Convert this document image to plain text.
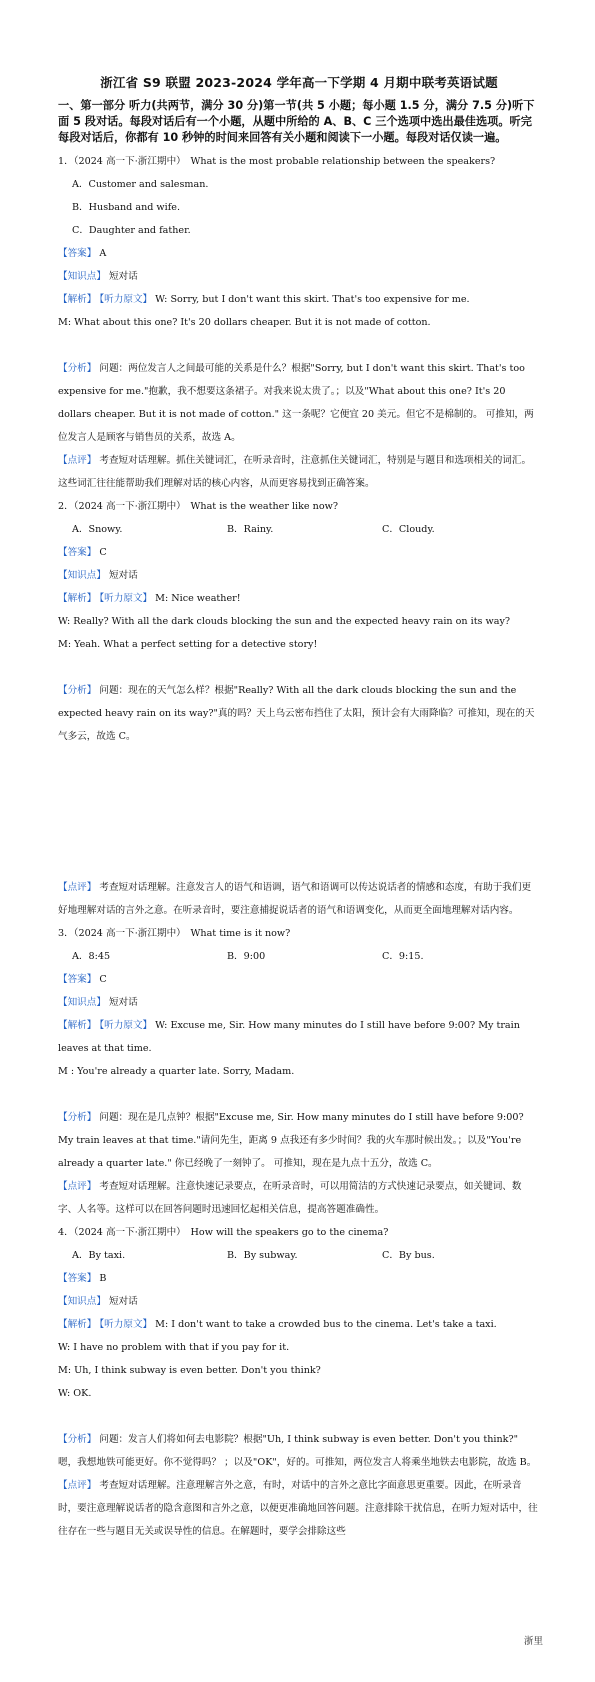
浙江省 S9 联盟 2023-2024 学年高一下学期 4 月期中联考英语试题
一、第一部分 听力(共两节，满分 30 分)第一节(共 5 小题；每小题 1.5 分，满分 7.5 分)听下面 5 段对话。每段对话后有一个小题，从题中所给的 A、B、C 三个选项中选出最佳选项。听完每段对话后，你都有 10 秒钟的时间来回答有关小题和阅读下一小题。每段对话仅读一遍。
1．（2024 高一下·浙江期中）　What is the most probable relationship between the speakers?
A．Customer and salesman.
B．Husband and wife.
C．Daughter and father.
【答案】 A
【知识点】 短对话
【解析】 【听力原文】 W: Sorry, but I don't want this skirt. That's too expensive for me.
M: What about this one? It's 20 dollars cheaper. But it is not made of cotton.
【分析】 问题：两位发言人之间最可能的关系是什么？根据"Sorry, but I don't want this skirt. That's too expensive for me."抱歉，我不想要这条裙子。对我来说太贵了。；以及"What about this one? It's 20 dollars cheaper. But it is not made of cotton." 这一条呢？它便宜 20 美元。但它不是棉制的。 可推知，两位发言人是顾客与销售员的关系，故选 A。
【点评】 考查短对话理解。抓住关键词汇，在听录音时，注意抓住关键词汇，特别是与题目和选项相关的词汇。这些词汇往往能帮助我们理解对话的核心内容，从而更容易找到正确答案。
2．（2024 高一下·浙江期中）　What is the weather like now?
A．Snowy.	B．Rainy.	C．Cloudy.
【答案】 C
【知识点】 短对话
【解析】 【听力原文】 M: Nice weather!
W: Really? With all the dark clouds blocking the sun and the expected heavy rain on its way?
M: Yeah. What a perfect setting for a detective story!
【分析】 问题：现在的天气怎么样？根据"Really? With all the dark clouds blocking the sun and the expected heavy rain on its way?"真的吗？天上乌云密布挡住了太阳，预计会有大雨降临？可推知，现在的天气多云，故选 C。
【点评】 考查短对话理解。注意发言人的语气和语调，语气和语调可以传达说话者的情感和态度，有助于我们更好地理解对话的言外之意。在听录音时，要注意捕捉说话者的语气和语调变化，从而更全面地理解对话内容。
3．（2024 高一下·浙江期中）　What time is it now?
A．8:45	B．9:00	C．9:15.
【答案】 C
【知识点】 短对话
【解析】 【听力原文】 W: Excuse me, Sir. How many minutes do I still have before 9:00? My train leaves at that time.
M : You're already a quarter late. Sorry, Madam.
【分析】 问题：现在是几点钟？根据"Excuse me, Sir. How many minutes do I still have before 9:00? My train leaves at that time."请问先生，距离 9 点我还有多少时间？我的火车那时候出发。；以及"You're already a quarter late." 你已经晚了一刻钟了。 可推知，现在是九点十五分，故选 C。
【点评】 考查短对话理解。注意快速记录要点，在听录音时，可以用简洁的方式快速记录要点，如关键词、数字、人名等。这样可以在回答问题时迅速回忆起相关信息，提高答题准确性。
4．（2024 高一下·浙江期中）　How will the speakers go to the cinema?
A．By taxi.	B．By subway.	C．By bus.
【答案】 B
【知识点】 短对话
【解析】 【听力原文】 M: I don't want to take a crowded bus to the cinema. Let's take a taxi.
W: I have no problem with that if you pay for it.
M: Uh, I think subway is even better. Don't you think?
W: OK.
【分析】 问题：发言人们将如何去电影院？根据"Uh, I think subway is even better. Don't you think?" 嗯，我想地铁可能更好。你不觉得吗？ ；以及"OK"，好的。可推知，两位发言人将乘坐地铁去电影院，故选 B。
【点评】 考查短对话理解。注意理解言外之意，有时，对话中的言外之意比字面意思更重要。因此，在听录音时，要注意理解说话者的隐含意图和言外之意，以便更准确地回答问题。注意排除干扰信息，在听力短对话中，往往存在一些与题目无关或误导性的信息。在解题时，要学会排除这些
浙里
